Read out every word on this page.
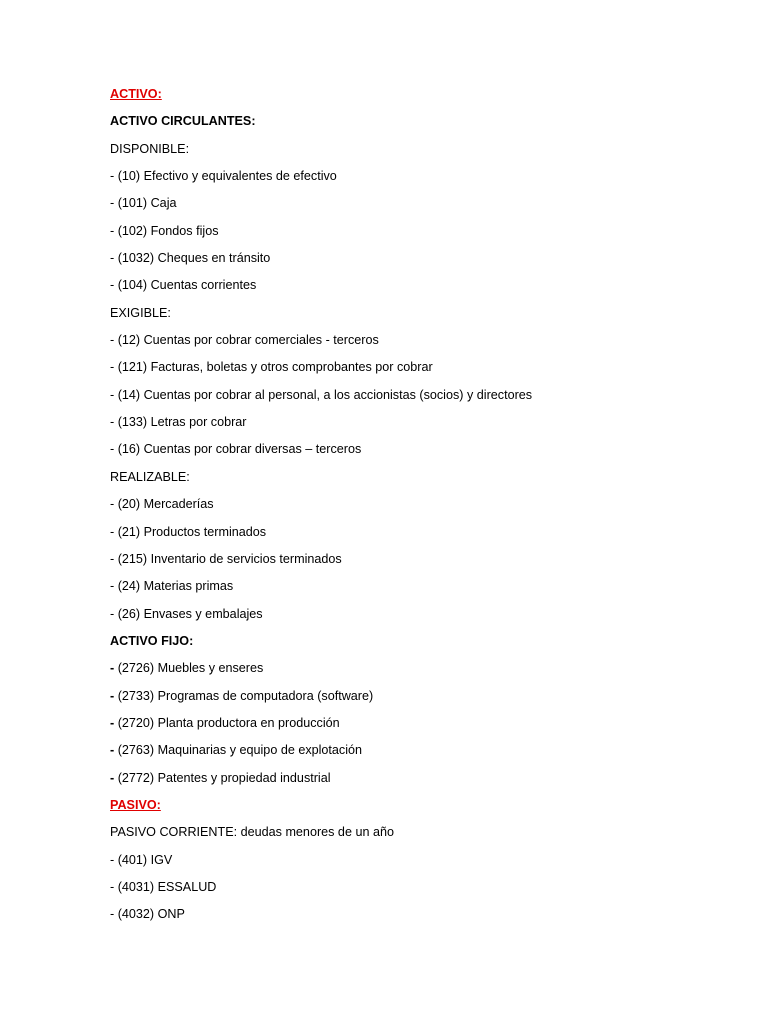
ACTIVO:
ACTIVO CIRCULANTES:
DISPONIBLE:
- (10) Efectivo y equivalentes de efectivo
- (101) Caja
- (102) Fondos fijos
- (1032) Cheques en tránsito
- (104) Cuentas corrientes
EXIGIBLE:
- (12) Cuentas por cobrar comerciales - terceros
- (121) Facturas, boletas y otros comprobantes por cobrar
- (14) Cuentas por cobrar al personal, a los accionistas (socios) y directores
- (133) Letras por cobrar
- (16) Cuentas por cobrar diversas – terceros
REALIZABLE:
- (20) Mercaderías
- (21) Productos terminados
- (215) Inventario de servicios terminados
- (24) Materias primas
- (26) Envases y embalajes
ACTIVO FIJO:
- (2726) Muebles y enseres
- (2733) Programas de computadora (software)
- (2720) Planta productora en producción
- (2763) Maquinarias y equipo de explotación
- (2772) Patentes y propiedad industrial
PASIVO:
PASIVO CORRIENTE: deudas menores de un año
- (401) IGV
- (4031) ESSALUD
- (4032) ONP
